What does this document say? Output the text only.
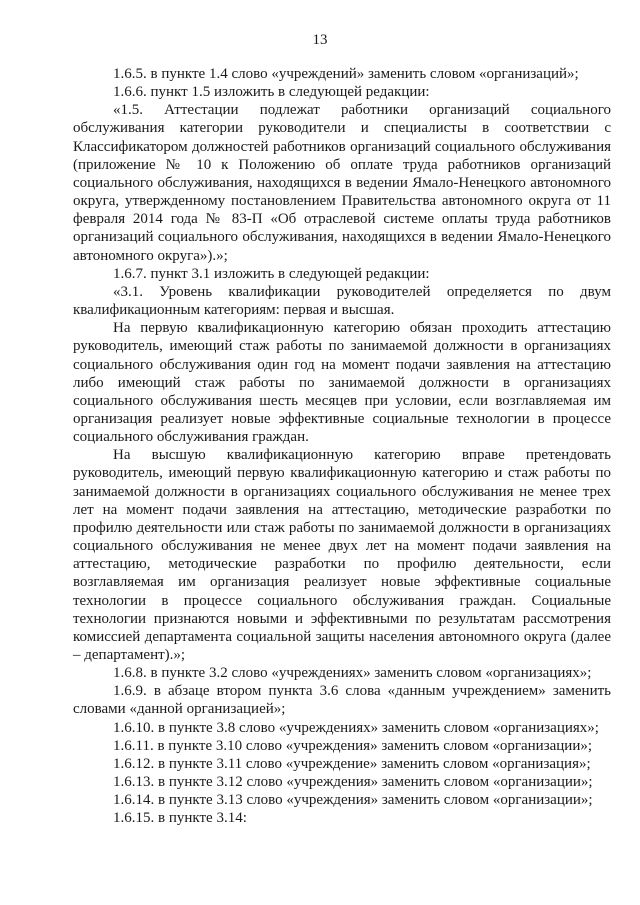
13

1.6.5. в пункте 1.4 слово «учреждений» заменить словом «организаций»;

1.6.6. пункт 1.5 изложить в следующей редакции:

«1.5. Аттестации подлежат работники организаций социального обслуживания категории руководители и специалисты в соответствии с Классификатором должностей работников организаций социального обслуживания (приложение № 10 к Положению об оплате труда работников организаций социального обслуживания, находящихся в ведении Ямало-Ненецкого автономного округа, утвержденному постановлением Правительства автономного округа от 11 февраля 2014 года № 83-П «Об отраслевой системе оплаты труда работников организаций социального обслуживания, находящихся в ведении Ямало-Ненецкого автономного округа»).»;

1.6.7. пункт 3.1 изложить в следующей редакции:

«3.1. Уровень квалификации руководителей определяется по двум квалификационным категориям: первая и высшая.

На первую квалификационную категорию обязан проходить аттестацию руководитель, имеющий стаж работы по занимаемой должности в организациях социального обслуживания один год на момент подачи заявления на аттестацию либо имеющий стаж работы по занимаемой должности в организациях социального обслуживания шесть месяцев при условии, если возглавляемая им организация реализует новые эффективные социальные технологии в процессе социального обслуживания граждан.

На высшую квалификационную категорию вправе претендовать руководитель, имеющий первую квалификационную категорию и стаж работы по занимаемой должности в организациях социального обслуживания не менее трех лет на момент подачи заявления на аттестацию, методические разработки по профилю деятельности или стаж работы по занимаемой должности в организациях социального обслуживания не менее двух лет на момент подачи заявления на аттестацию, методические разработки по профилю деятельности, если возглавляемая им организация реализует новые эффективные социальные технологии в процессе социального обслуживания граждан. Социальные технологии признаются новыми и эффективными по результатам рассмотрения комиссией департамента социальной защиты населения автономного округа (далее – департамент).»;

1.6.8. в пункте 3.2 слово «учреждениях» заменить словом «организациях»;

1.6.9. в абзаце втором пункта 3.6 слова «данным учреждением» заменить словами «данной организацией»;

1.6.10. в пункте 3.8 слово «учреждениях» заменить словом «организациях»;

1.6.11. в пункте 3.10 слово «учреждения» заменить словом «организации»;

1.6.12. в пункте 3.11 слово «учреждение» заменить словом «организация»;

1.6.13. в пункте 3.12 слово «учреждения» заменить словом «организации»;

1.6.14. в пункте 3.13 слово «учреждения» заменить словом «организации»;

1.6.15. в пункте 3.14:
